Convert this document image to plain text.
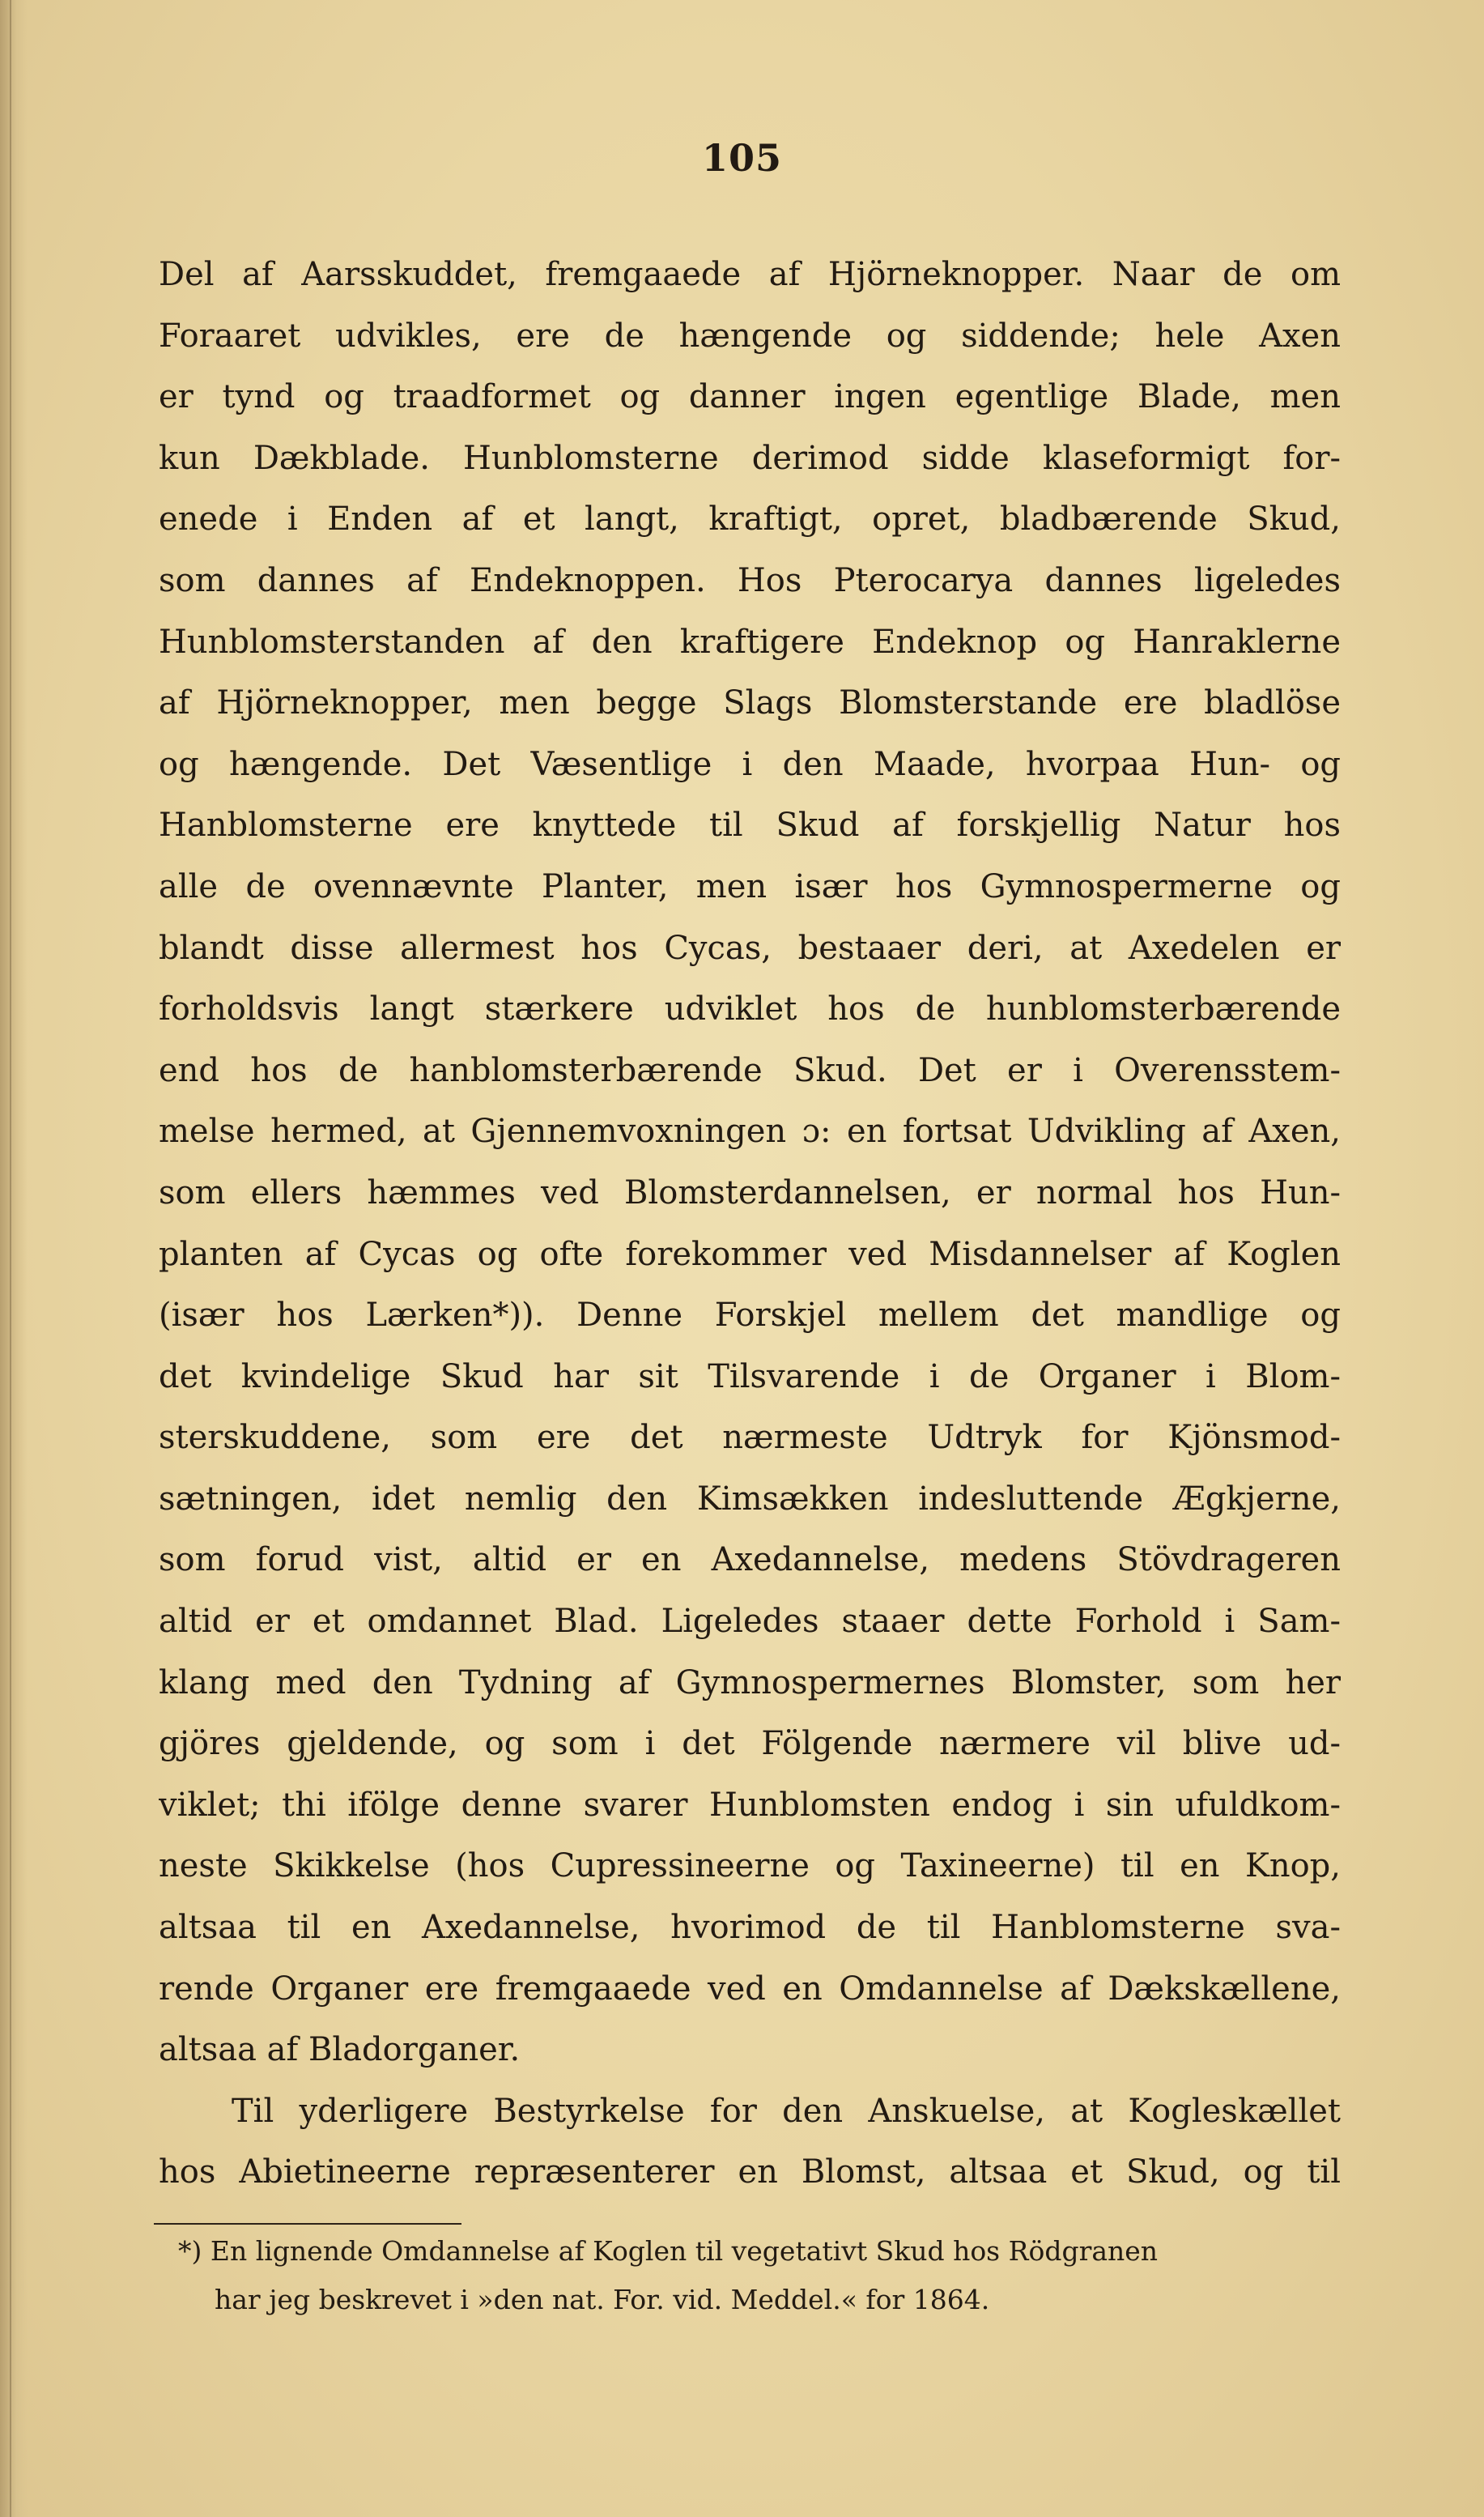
105
Del af Aarsskuddet, fremgaaede af Hjörneknopper. Naar de om
Foraaret udvikles, ere de hængende og siddende; hele Axen
er tynd og traadformet og danner ingen egentlige Blade, men
kun Dækblade. Hunblomsterne derimod sidde klaseformigt for-
enede i Enden af et langt, kraftigt, opret, bladbærende Skud,
som dannes af Endeknoppen. Hos Pterocarya dannes ligeledes
Hunblomsterstanden af den kraftigere Endeknop og Hanraklerne
af Hjörneknopper, men begge Slags Blomsterstande ere bladlöse
og hængende. Det Væsentlige i den Maade, hvorpaa Hun- og
Hanblomsterne ere knyttede til Skud af forskjellig Natur hos
alle de ovennævnte Planter, men især hos Gymnospermerne og
blandt disse allermest hos Cycas, bestaaer deri, at Axedelen er
forholdsvis langt stærkere udviklet hos de hunblomsterbærende
end hos de hanblomsterbærende Skud. Det er i Overensstem-
melse hermed, at Gjennemvoxningen ɔ: en fortsat Udvikling af Axen,
som ellers hæmmes ved Blomsterdannelsen, er normal hos Hun-
planten af Cycas og ofte forekommer ved Misdannelser af Koglen
(især hos Lærken*)). Denne Forskjel mellem det mandlige og
det kvindelige Skud har sit Tilsvarende i de Organer i Blom-
sterskuddene, som ere det nærmeste Udtryk for Kjönsmod-
sætningen, idet nemlig den Kimsækken indesluttende Ægkjerne,
som forud vist, altid er en Axedannelse, medens Stövdrageren
altid er et omdannet Blad. Ligeledes staaer dette Forhold i Sam-
klang med den Tydning af Gymnospermernes Blomster, som her
gjöres gjeldende, og som i det Fölgende nærmere vil blive ud-
viklet; thi ifölge denne svarer Hunblomsten endog i sin ufuldkom-
neste Skikkelse (hos Cupressineerne og Taxineerne) til en Knop,
altsaa til en Axedannelse, hvorimod de til Hanblomsterne sva-
rende Organer ere fremgaaede ved en Omdannelse af Dækskællene,
altsaa af Bladorganer.
Til yderligere Bestyrkelse for den Anskuelse, at Kogleskællet
hos Abietineerne repræsenterer en Blomst, altsaa et Skud, og til
*) En lignende Omdannelse af Koglen til vegetativt Skud hos Rödgranen
har jeg beskrevet i »den nat. For. vid. Meddel.« for 1864.
